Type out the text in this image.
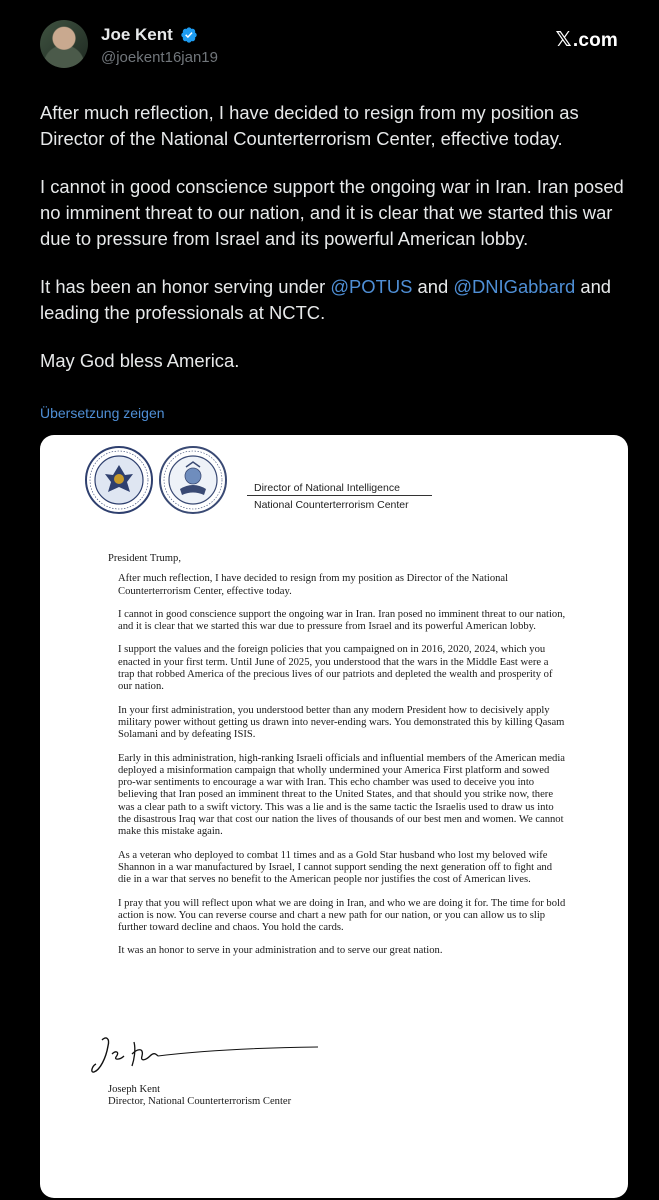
Joe Kent
@joekent16jan19
𝕏.com

After much reflection, I have decided to resign from my position as Director of the National Counterterrorism Center, effective today.

I cannot in good conscience support the ongoing war in Iran. Iran posed no imminent threat to our nation, and it is clear that we started this war due to pressure from Israel and its powerful American lobby.

It has been an honor serving under @POTUS and @DNIGabbard and leading the professionals at NCTC.

May God bless America.

Übersetzung zeigen
Director of National Intelligence
National Counterterrorism Center
President Trump,

After much reflection, I have decided to resign from my position as Director of the National Counterterrorism Center, effective today.

I cannot in good conscience support the ongoing war in Iran. Iran posed no imminent threat to our nation, and it is clear that we started this war due to pressure from Israel and its powerful American lobby.

I support the values and the foreign policies that you campaigned on in 2016, 2020, 2024, which you enacted in your first term. Until June of 2025, you understood that the wars in the Middle East were a trap that robbed America of the precious lives of our patriots and depleted the wealth and prosperity of our nation.

In your first administration, you understood better than any modern President how to decisively apply military power without getting us drawn into never-ending wars. You demonstrated this by killing Qasam Solamani and by defeating ISIS.

Early in this administration, high-ranking Israeli officials and influential members of the American media deployed a misinformation campaign that wholly undermined your America First platform and sowed pro-war sentiments to encourage a war with Iran. This echo chamber was used to deceive you into believing that Iran posed an imminent threat to the United States, and that should you strike now, there was a clear path to a swift victory. This was a lie and is the same tactic the Israelis used to draw us into the disastrous Iraq war that cost our nation the lives of thousands of our best men and women. We cannot make this mistake again.

As a veteran who deployed to combat 11 times and as a Gold Star husband who lost my beloved wife Shannon in a war manufactured by Israel, I cannot support sending the next generation off to fight and die in a war that serves no benefit to the American people nor justifies the cost of American lives.

I pray that you will reflect upon what we are doing in Iran, and who we are doing it for. The time for bold action is now. You can reverse course and chart a new path for our nation, or you can allow us to slip further toward decline and chaos. You hold the cards.

It was an honor to serve in your administration and to serve our great nation.

Joseph Kent
Director, National Counterterrorism Center
